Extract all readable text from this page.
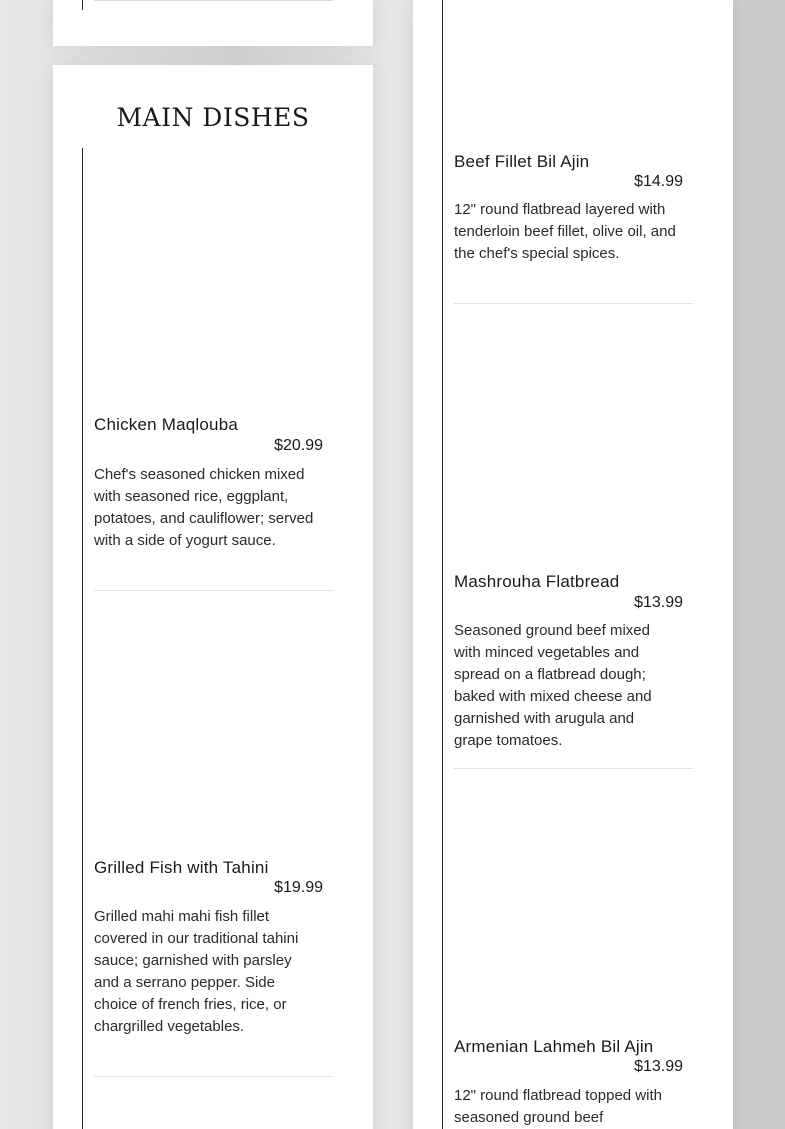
MAIN DISHES
Chicken Maqlouba
$20.99
Chef's seasoned chicken mixed with seasoned rice, eggplant, potatoes, and cauliflower; served with a side of yogurt sauce.
Grilled Fish with Tahini
$19.99
Grilled mahi mahi fish fillet covered in our traditional tahini sauce; garnished with parsley and a serrano pepper. Side choice of french fries, rice, or chargrilled vegetables.
Beef Fillet Bil Ajin
$14.99
12" round flatbread layered with tenderloin beef fillet, olive oil, and the chef's special spices.
Mashrouha Flatbread
$13.99
Seasoned ground beef mixed with minced vegetables and spread on a flatbread dough; baked with mixed cheese and garnished with arugula and grape tomatoes.
Armenian Lahmeh Bil Ajin
$13.99
12" round flatbread topped with seasoned ground beef
